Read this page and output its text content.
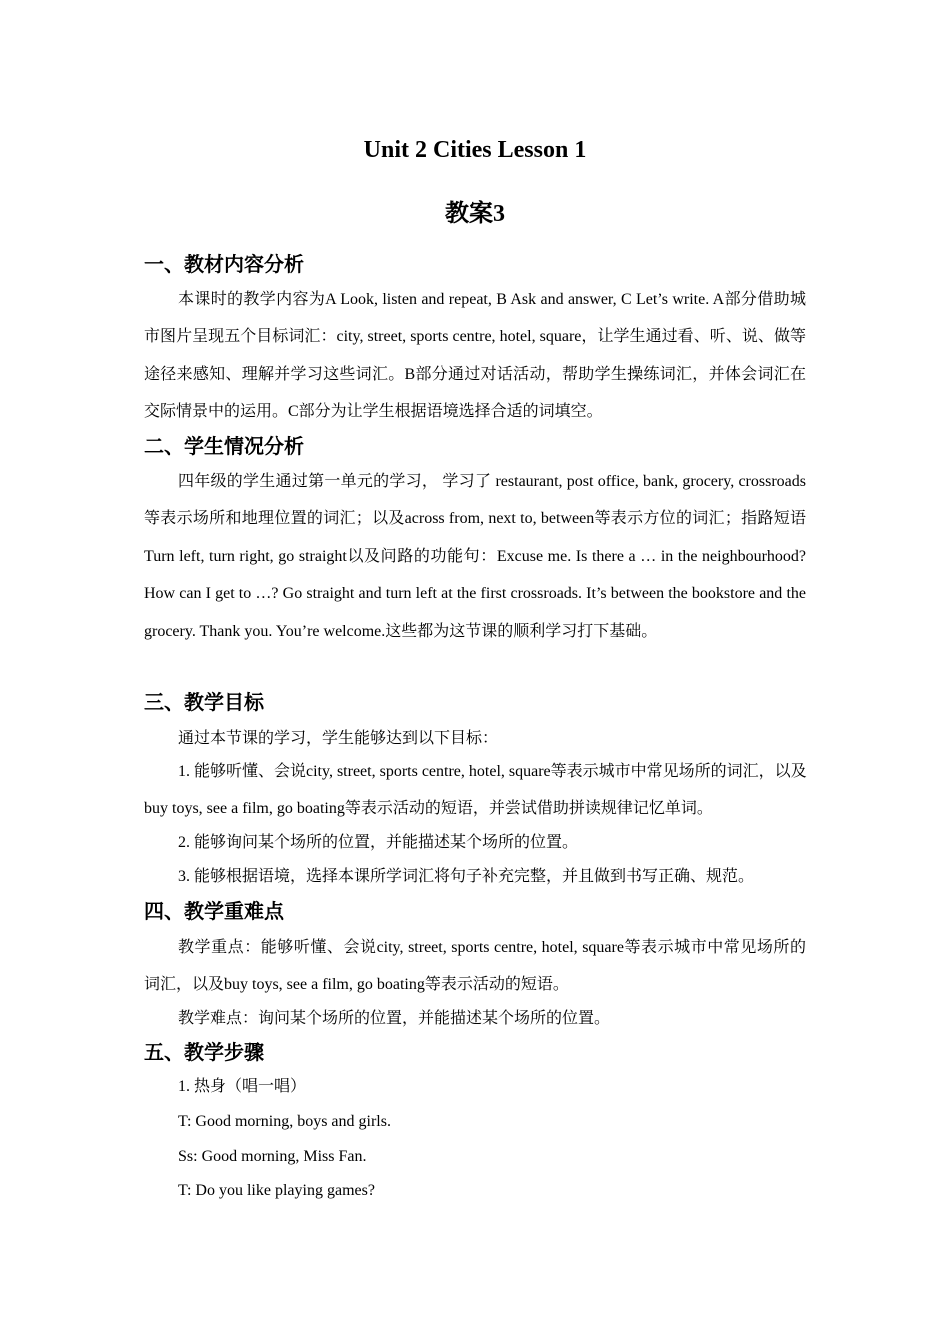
Unit 2 Cities Lesson 1
教案3
一、教材内容分析

本课时的教学内容为A Look, listen and repeat, B Ask and answer, C Let’s write. A部分借助城市图片呈现五个目标词汇：city, street, sports centre, hotel, square，让学生通过看、听、说、做等途径来感知、理解并学习这些词汇。B部分通过对话活动，帮助学生操练词汇，并体会词汇在交际情景中的运用。C部分为让学生根据语境选择合适的词填空。

二、学生情况分析

四年级的学生通过第一单元的学习， 学习了 restaurant, post office, bank, grocery, crossroads等表示场所和地理位置的词汇；以及across from, next to, between等表示方位的词汇；指路短语Turn left, turn right, go straight以及问路的功能句：Excuse me. Is there a … in the neighbourhood? How can I get to …? Go straight and turn left at the first crossroads. It’s between the bookstore and the grocery. Thank you. You’re welcome.这些都为这节课的顺利学习打下基础。

三、教学目标
通过本节课的学习，学生能够达到以下目标：

1. 能够听懂、会说city, street, sports centre, hotel, square等表示城市中常见场所的词汇，以及buy toys, see a film, go boating等表示活动的短语，并尝试借助拼读规律记忆单词。

2. 能够询问某个场所的位置，并能描述某个场所的位置。
3. 能够根据语境，选择本课所学词汇将句子补充完整，并且做到书写正确、规范。
四、教学重难点

教学重点：能够听懂、会说city, street, sports centre, hotel, square等表示城市中常见场所的词汇，以及buy toys, see a film, go boating等表示活动的短语。

教学难点：询问某个场所的位置，并能描述某个场所的位置。
五、教学步骤
1. 热身（唱一唱）
T: Good morning, boys and girls.
Ss: Good morning, Miss Fan.
T: Do you like playing games?
